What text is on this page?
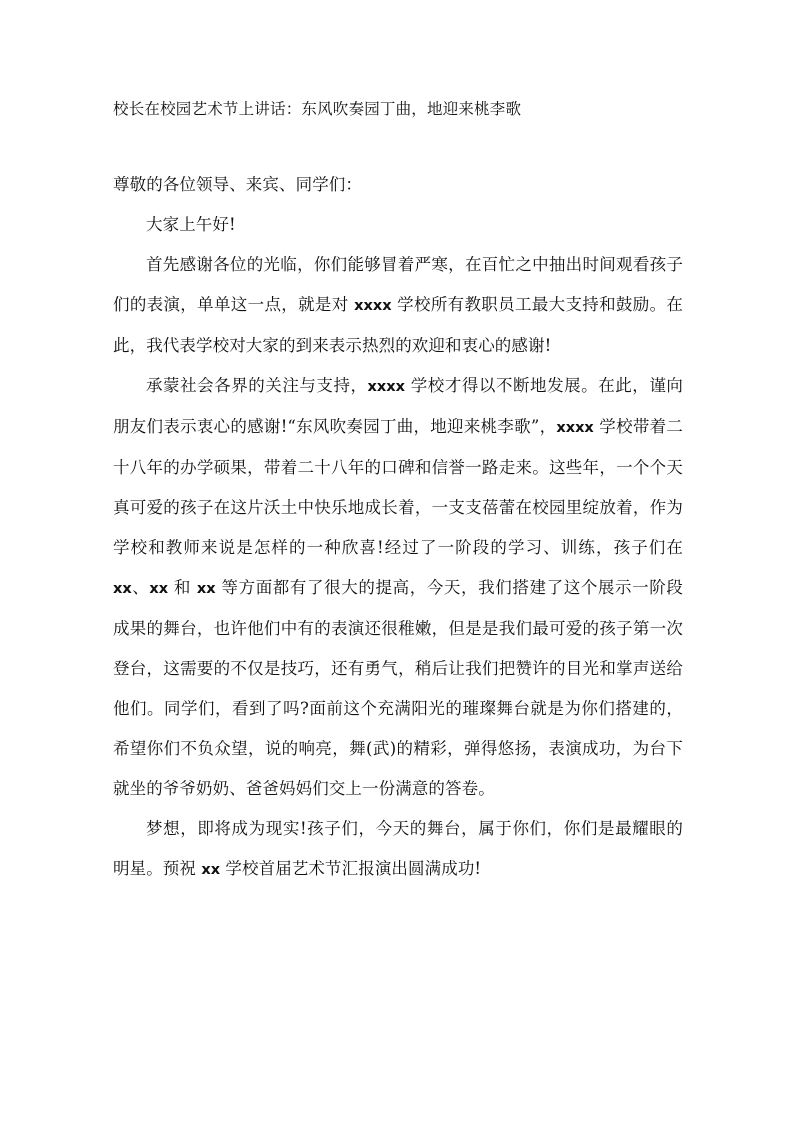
校长在校园艺术节上讲话：东风吹奏园丁曲，地迎来桃李歌

尊敬的各位领导、来宾、同学们：

大家上午好!

首先感谢各位的光临，你们能够冒着严寒，在百忙之中抽出时间观看孩子们的表演，单单这一点，就是对 xxxx 学校所有教职员工最大支持和鼓励。在此，我代表学校对大家的到来表示热烈的欢迎和衷心的感谢!

承蒙社会各界的关注与支持，xxxx 学校才得以不断地发展。在此，谨向朋友们表示衷心的感谢!“东风吹奏园丁曲，地迎来桃李歌”，xxxx 学校带着二十八年的办学硕果，带着二十八年的口碑和信誉一路走来。这些年，一个个天真可爱的孩子在这片沃土中快乐地成长着，一支支蓓蕾在校园里绽放着，作为学校和教师来说是怎样的一种欣喜!经过了一阶段的学习、训练，孩子们在 xx、xx 和 xx 等方面都有了很大的提高，今天，我们搭建了这个展示一阶段成果的舞台，也许他们中有的表演还很稚嫩，但是是我们最可爱的孩子第一次登台，这需要的不仅是技巧，还有勇气，稍后让我们把赞许的目光和掌声送给他们。同学们，看到了吗?面前这个充满阳光的璀璨舞台就是为你们搭建的，希望你们不负众望，说的响亮，舞(武)的精彩，弹得悠扬，表演成功，为台下就坐的爷爷奶奶、爸爸妈妈们交上一份满意的答卷。

梦想，即将成为现实!孩子们，今天的舞台，属于你们，你们是最耀眼的明星。预祝 xx 学校首届艺术节汇报演出圆满成功!
